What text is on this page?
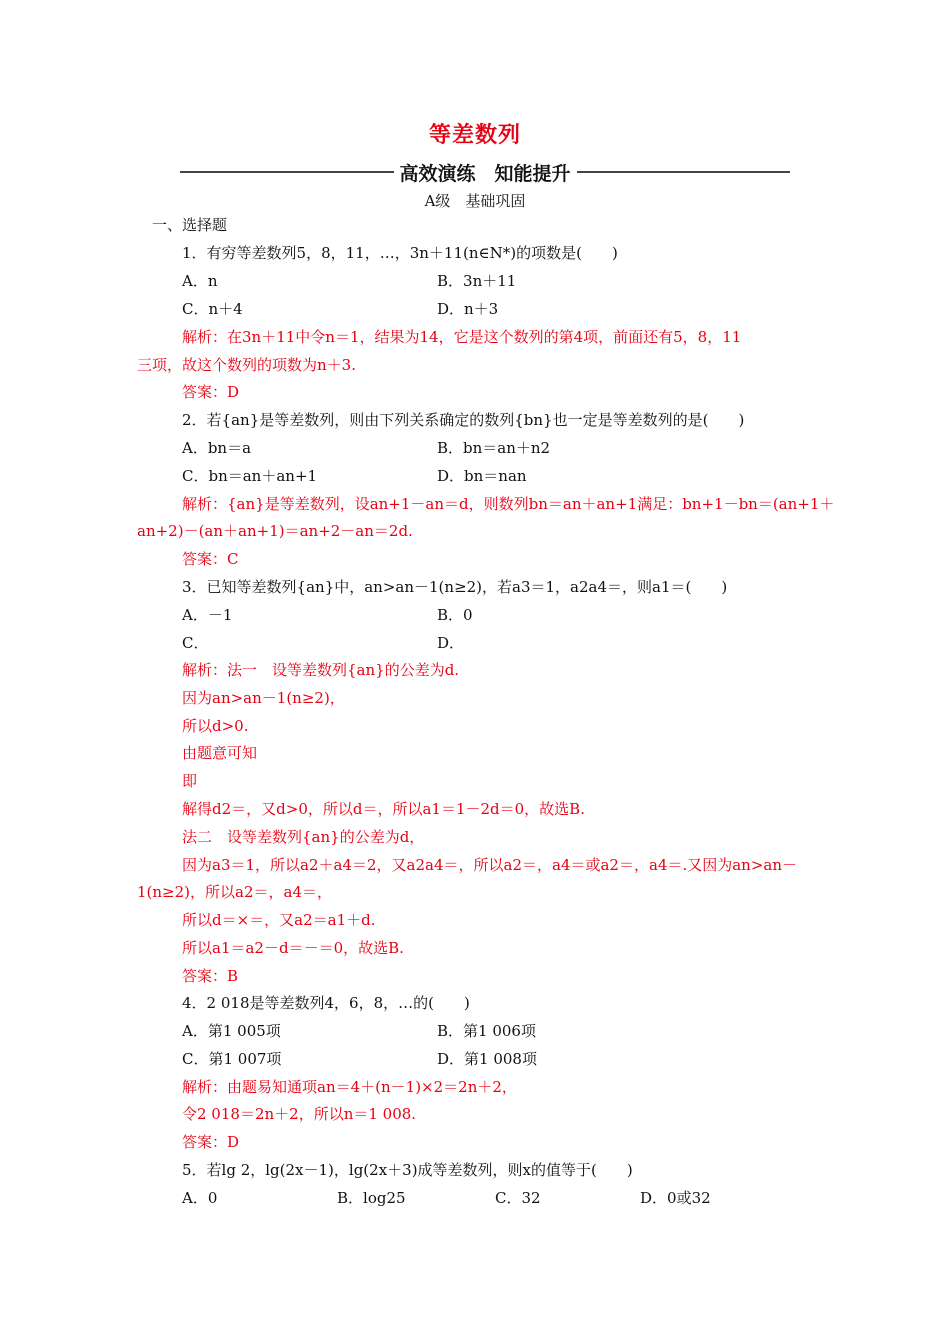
等差数列
高效演练　知能提升
A级　基础巩固
一、选择题
1．有穷等差数列5，8，11，…，3n＋11(n∈N*)的项数是(　　)
A．n	B．3n＋11
C．n＋4	D．n＋3
解析：在3n＋11中令n＝1，结果为14，它是这个数列的第4项，前面还有5，8，11
三项，故这个数列的项数为n＋3.
答案：D
2．若{an}是等差数列，则由下列关系确定的数列{bn}也一定是等差数列的是(　　)
A．bn＝a	B．bn＝an＋n2
C．bn＝an＋an+1	D．bn＝nan
解析：{an}是等差数列，设an+1－an＝d，则数列bn＝an＋an+1满足：bn+1－bn＝(an+1＋
an+2)－(an＋an+1)＝an+2－an＝2d.
答案：C
3．已知等差数列{an}中，an>an－1(n≥2)，若a3＝1，a2a4＝，则a1＝(　　)
A．－1	B．0
C．	D．
解析：法一　设等差数列{an}的公差为d.
因为an>an－1(n≥2)，
所以d>0.
由题意可知
即
解得d2＝，又d>0，所以d＝，所以a1＝1－2d＝0，故选B.
法二　设等差数列{an}的公差为d，
因为a3＝1，所以a2＋a4＝2，又a2a4＝，所以a2＝，a4＝或a2＝，a4＝.又因为an>an－
1(n≥2)，所以a2＝，a4＝，
所以d＝×＝，又a2＝a1＋d.
所以a1＝a2－d＝－＝0，故选B.
答案：B
4．2 018是等差数列4，6，8，…的(　　)
A．第1 005项	B．第1 006项
C．第1 007项	D．第1 008项
解析：由题易知通项an＝4＋(n－1)×2＝2n＋2，
令2 018＝2n＋2，所以n＝1 008.
答案：D
5．若lg 2，lg(2x－1)，lg(2x＋3)成等差数列，则x的值等于(　　)
A．0	B．log25	C．32	D．0或32
